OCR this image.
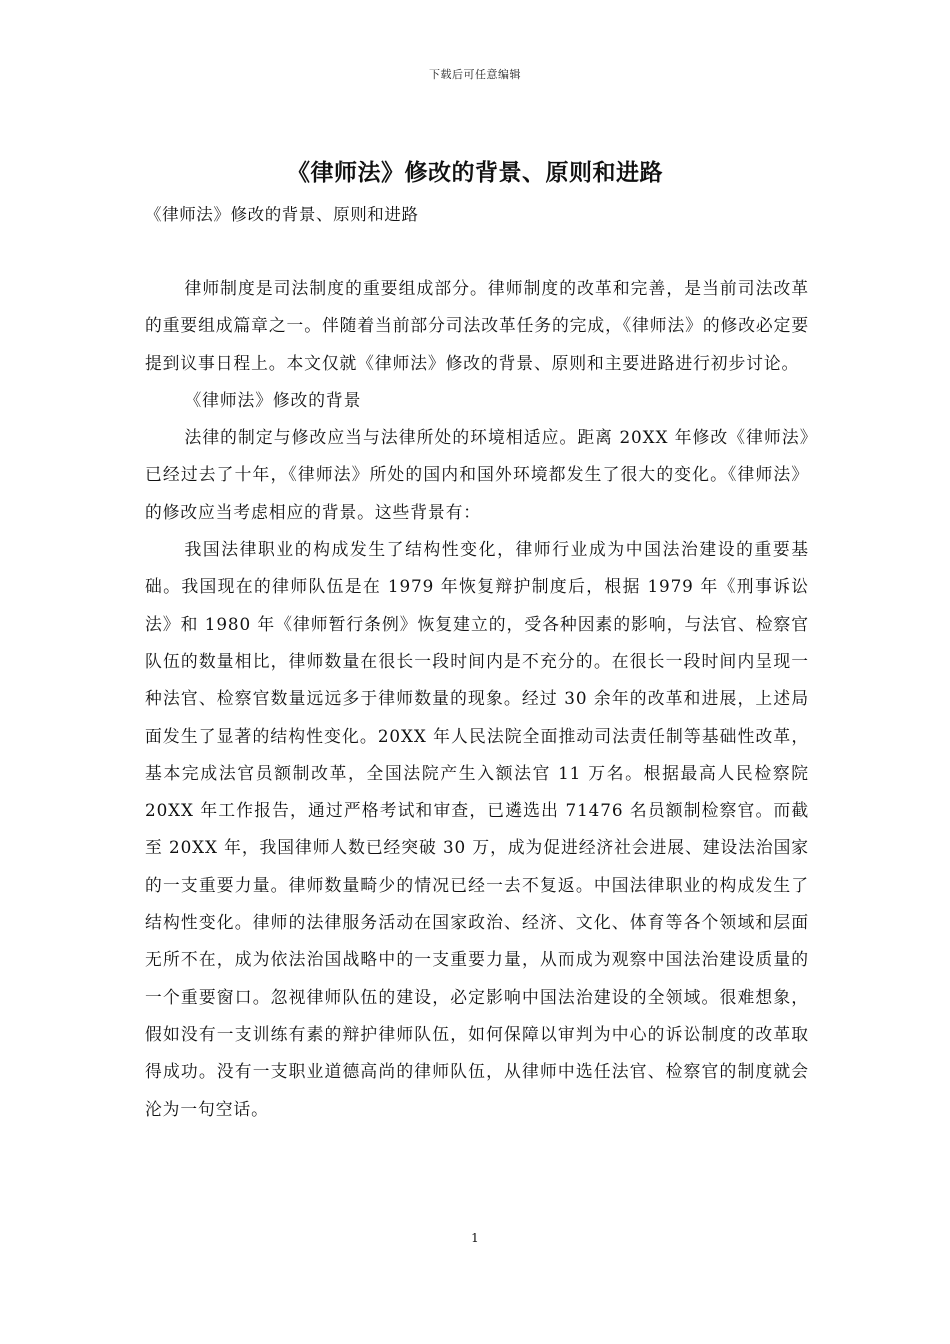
下载后可任意编辑
《律师法》修改的背景、原则和进路
《律师法》修改的背景、原则和进路

律师制度是司法制度的重要组成部分。律师制度的改革和完善，是当前司法改革的重要组成篇章之一。伴随着当前部分司法改革任务的完成，《律师法》的修改必定要提到议事日程上。本文仅就《律师法》修改的背景、原则和主要进路进行初步讨论。

《律师法》修改的背景

法律的制定与修改应当与法律所处的环境相适应。距离 20XX 年修改《律师法》已经过去了十年，《律师法》所处的国内和国外环境都发生了很大的变化。《律师法》的修改应当考虑相应的背景。这些背景有：

我国法律职业的构成发生了结构性变化，律师行业成为中国法治建设的重要基础。我国现在的律师队伍是在 1979 年恢复辩护制度后，根据 1979 年《刑事诉讼法》和 1980 年《律师暂行条例》恢复建立的，受各种因素的影响，与法官、检察官队伍的数量相比，律师数量在很长一段时间内是不充分的。在很长一段时间内呈现一种法官、检察官数量远远多于律师数量的现象。经过 30 余年的改革和进展，上述局面发生了显著的结构性变化。20XX 年人民法院全面推动司法责任制等基础性改革，基本完成法官员额制改革，全国法院产生入额法官 11 万名。根据最高人民检察院 20XX 年工作报告，通过严格考试和审查，已遴选出 71476 名员额制检察官。而截至 20XX 年，我国律师人数已经突破 30 万，成为促进经济社会进展、建设法治国家的一支重要力量。律师数量畸少的情况已经一去不复返。中国法律职业的构成发生了结构性变化。律师的法律服务活动在国家政治、经济、文化、体育等各个领域和层面无所不在，成为依法治国战略中的一支重要力量，从而成为观察中国法治建设质量的一个重要窗口。忽视律师队伍的建设，必定影响中国法治建设的全领域。很难想象，假如没有一支训练有素的辩护律师队伍，如何保障以审判为中心的诉讼制度的改革取得成功。没有一支职业道德高尚的律师队伍，从律师中选任法官、检察官的制度就会沦为一句空话。

1
